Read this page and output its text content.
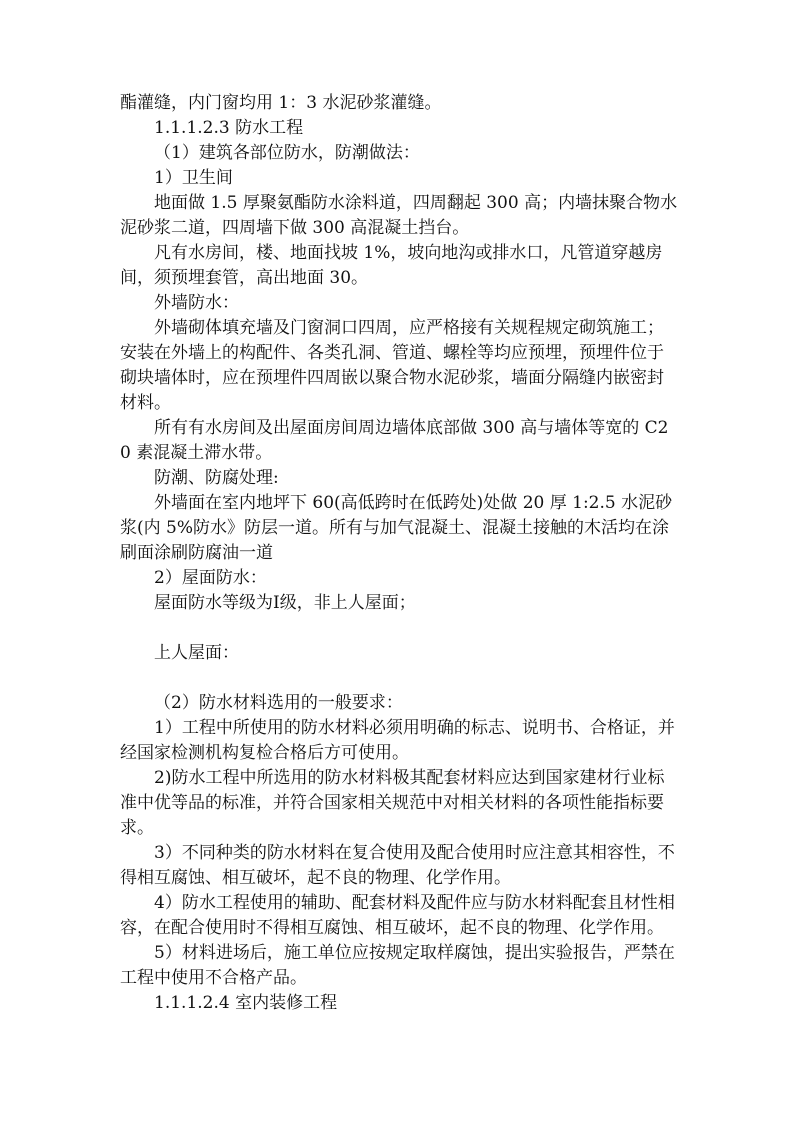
酯灌缝，内门窗均用 1：3 水泥砂浆灌缝。

1.1.1.2.3 防水工程

（1）建筑各部位防水，防潮做法：

1）卫生间

地面做 1.5 厚聚氨酯防水涂料道，四周翻起 300 高；内墙抹聚合物水泥砂浆二道，四周墙下做 300 高混凝土挡台。

凡有水房间，楼、地面找坡 1%，坡向地沟或排水口，凡管道穿越房间，须预埋套管，高出地面 30。

外墙防水：

外墙砌体填充墙及门窗洞口四周，应严格接有关规程规定砌筑施工；安装在外墙上的构配件、各类孔洞、管道、螺栓等均应预埋，预埋件位于砌块墙体时，应在预埋件四周嵌以聚合物水泥砂浆，墙面分隔缝内嵌密封材料。

所有有水房间及出屋面房间周边墙体底部做 300 高与墙体等宽的 C20 素混凝土滞水带。

防潮、防腐处理:

外墙面在室内地坪下 60(高低跨时在低跨处)处做 20 厚 1:2.5 水泥砂浆(内 5%防水》防层一道。所有与加气混凝土、混凝土接触的木活均在涂刷面涂刷防腐油一道

2）屋面防水：

屋面防水等级为Ⅰ级，非上人屋面；

上人屋面：

（2）防水材料选用的一般要求：

1）工程中所使用的防水材料必须用明确的标志、说明书、合格证，并经国家检测机构复检合格后方可使用。

2)防水工程中所选用的防水材料极其配套材料应达到国家建材行业标准中优等品的标准，并符合国家相关规范中对相关材料的各项性能指标要求。

3）不同种类的防水材料在复合使用及配合使用时应注意其相容性，不得相互腐蚀、相互破坏，起不良的物理、化学作用。

4）防水工程使用的辅助、配套材料及配件应与防水材料配套且材性相容，在配合使用时不得相互腐蚀、相互破坏，起不良的物理、化学作用。

5）材料进场后，施工单位应按规定取样腐蚀，提出实验报告，严禁在工程中使用不合格产品。

1.1.1.2.4 室内装修工程
